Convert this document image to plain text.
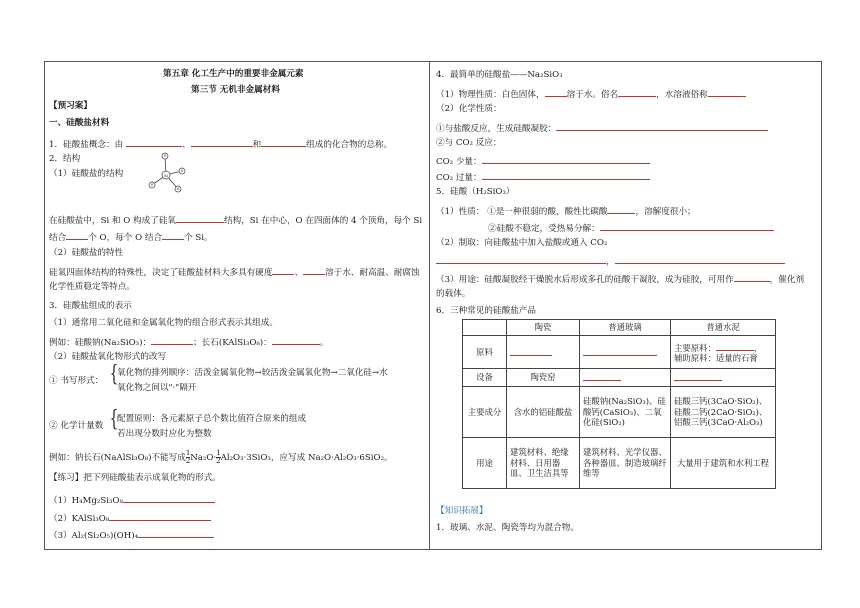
第五章 化工生产中的重要非金属元素
第三节 无机非金属材料
【预习案】
一、硅酸盐材料
1．硅酸盐概念：由	、	和	组成的化合物的总称。
2．结构
（1）硅酸盐的结构	Si
O
O
O
O
在硅酸盐中，Si 和 O 构成了硅氧	结构，Si 在中心，O 在四面体的 4 个顶角，每个 Si
结合	个 O，每个 O 结合	个 Si。
（2）硅酸盐的特性
硅氧四面体结构的特殊性，决定了硅酸盐材料大多具有硬度	、	溶于水、耐高温、耐腐蚀
化学性质稳定等特点。
3．硅酸盐组成的表示
（1）通常用二氧化硅和金属氧化物的组合形式表示其组成。
例如：硅酸钠(Na₂SiO₃)：	；长石(KAlSi₃O₈)：	。
（2）硅酸盐氧化物形式的改写
① 书写形式： {
氧化物的排列顺序：活泼金属氧化物→较活泼金属氧化物→二氧化硅→水
氧化物之间以"·"隔开
② 化学计量数 {
配置原则：各元素原子总个数比值符合原来的组成
若出现分数时应化为整数
例如：钠长石(NaAlSi₃O₈)不能写成 $\frac{1}{2} Na_2O\cdot \frac{1}{2} Al_2O_3\cdot 3SiO_3$，应写成 Na₂O·Al₂O₃·6SiO₂。
【练习】把下列硅酸盐表示成氧化物的形式。
（1）H₄Mg₂Si₃O₈
（2）KAlSi₃O₈
（3）Al₂(Si₂O₅)(OH)₄
4．最简单的硅酸盐——Na₂SiO₃
（1）物理性质：白色固体，	溶于水。俗名	，水溶液俗称
（2）化学性质：
①与盐酸反应，生成硅酸凝胶：
②与 CO₂ 反应：
CO₂ 少量：
CO₂ 过量：
5．硅酸（H₂SiO₃）
（1）性质： ①是一种很弱的酸，酸性比碳酸	，溶解度很小；
②硅酸不稳定，受热易分解：
（2）制取：向硅酸盐中加入盐酸或通入 CO₂
，
（3）用途：硅酸凝胶经干燥脱水后形成多孔的硅酸干凝胶，成为硅胶，可用作	，催化剂
的载体。
6．三种常见的硅酸盐产品
	陶瓷	普通玻璃	普通水泥
原料			主要原料： ，
辅助原料：适量的石膏
设备	陶瓷窑		
主要成分	含水的铝硅酸盐	硅酸钠(Na₂SiO₃)、硅酸钙(CaSiO₃)、二氧化硅(SiO₂)	硅酸三钙(3CaO·SiO₂)、硅酸二钙(2CaO·SiO₂)、铝酸三钙(3CaO·Al₂O₃)
用途	建筑材料、绝缘材料、日用器皿、卫生洁具等	建筑材料、光学仪器、各种器皿、制造玻璃纤维等	大量用于建筑和水利工程
【知识拓展】
1．玻璃、水泥、陶瓷等均为混合物。
